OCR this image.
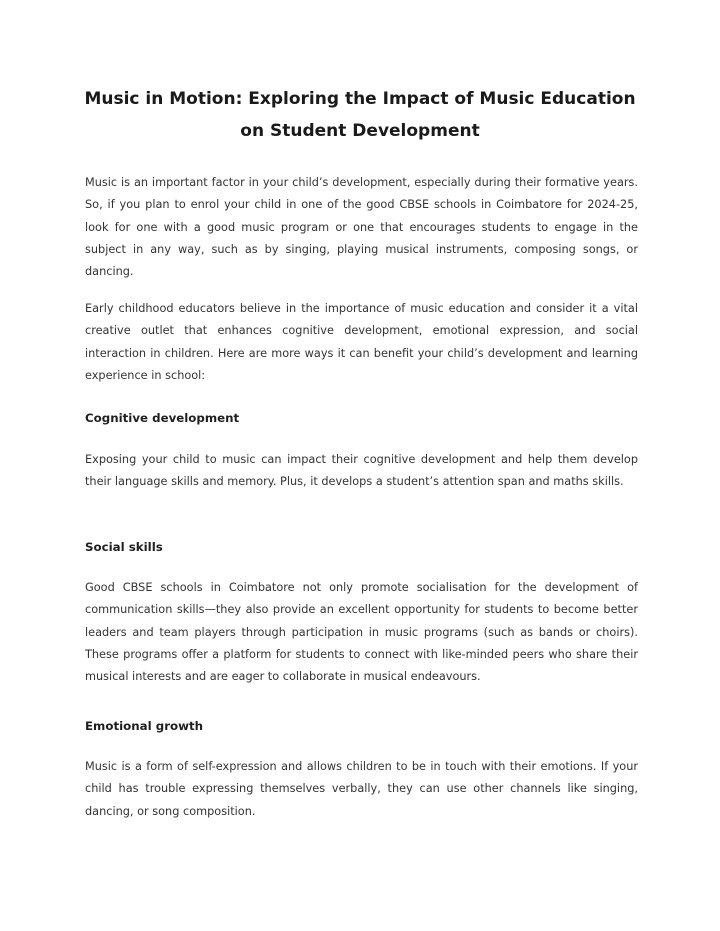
Music in Motion: Exploring the Impact of Music Education
on Student Development

Music is an important factor in your child’s development, especially during their formative years. So, if you plan to enrol your child in one of the good CBSE schools in Coimbatore for 2024-25, look for one with a good music program or one that encourages students to engage in the subject in any way, such as by singing, playing musical instruments, composing songs, or dancing.

Early childhood educators believe in the importance of music education and consider it a vital creative outlet that enhances cognitive development, emotional expression, and social interaction in children. Here are more ways it can benefit your child’s development and learning experience in school:

Cognitive development

Exposing your child to music can impact their cognitive development and help them develop their language skills and memory. Plus, it develops a student’s attention span and maths skills.

Social skills

Good CBSE schools in Coimbatore not only promote socialisation for the development of communication skills—they also provide an excellent opportunity for students to become better leaders and team players through participation in music programs (such as bands or choirs). These programs offer a platform for students to connect with like-minded peers who share their musical interests and are eager to collaborate in musical endeavours.

Emotional growth

Music is a form of self-expression and allows children to be in touch with their emotions. If your child has trouble expressing themselves verbally, they can use other channels like singing, dancing, or song composition.
